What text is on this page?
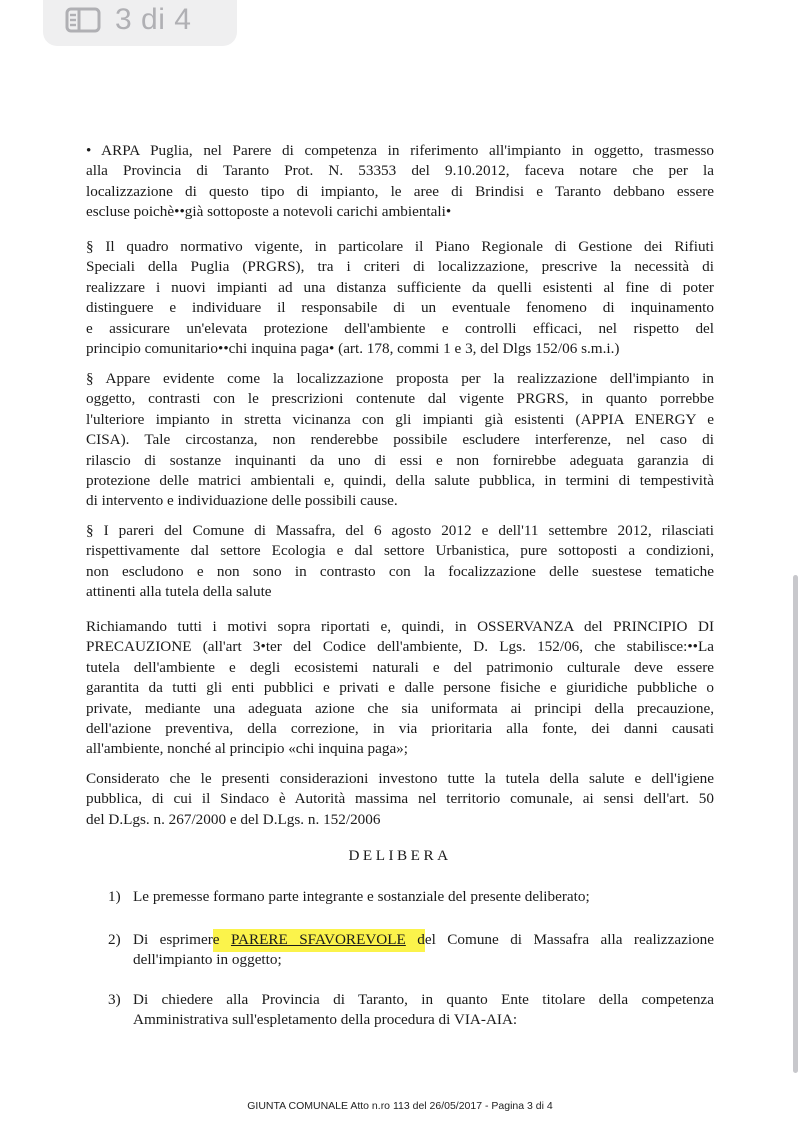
3 di 4
• ARPA Puglia, nel Parere di competenza in riferimento all'impianto in oggetto, trasmesso
alla Provincia di Taranto Prot. N. 53353 del 9.10.2012, faceva notare che per la
localizzazione di questo tipo di impianto, le aree di Brindisi e Taranto debbano essere
escluse poichè••già sottoposte a notevoli carichi ambientali•
§ Il quadro normativo vigente, in particolare il Piano Regionale di Gestione dei Rifiuti
Speciali della Puglia (PRGRS), tra i criteri di localizzazione, prescrive la necessità di
realizzare i nuovi impianti ad una distanza sufficiente da quelli esistenti al fine di poter
distinguere e individuare il responsabile di un eventuale fenomeno di inquinamento
e assicurare un'elevata protezione dell'ambiente e controlli efficaci, nel rispetto del
principio comunitario••chi inquina paga• (art. 178, commi 1 e 3, del Dlgs 152/06 s.m.i.)
§ Appare evidente come la localizzazione proposta per la realizzazione dell'impianto in
oggetto, contrasti con le prescrizioni contenute dal vigente PRGRS, in quanto porrebbe
l'ulteriore impianto in stretta vicinanza con gli impianti già esistenti (APPIA ENERGY e
CISA). Tale circostanza, non renderebbe possibile escludere interferenze, nel caso di
rilascio di sostanze inquinanti da uno di essi e non fornirebbe adeguata garanzia di
protezione delle matrici ambientali e, quindi, della salute pubblica, in termini di tempestività
di intervento e individuazione delle possibili cause.
§ I pareri del Comune di Massafra, del 6 agosto 2012 e dell'11 settembre 2012, rilasciati
rispettivamente dal settore Ecologia e dal settore Urbanistica, pure sottoposti a condizioni,
non escludono e non sono in contrasto con la focalizzazione delle suestese tematiche
attinenti alla tutela della salute
Richiamando tutti i motivi sopra riportati e, quindi, in OSSERVANZA del PRINCIPIO DI
PRECAUZIONE (all'art 3•ter del Codice dell'ambiente, D. Lgs. 152/06, che stabilisce:••La
tutela dell'ambiente e degli ecosistemi naturali e del patrimonio culturale deve essere
garantita da tutti gli enti pubblici e privati e dalle persone fisiche e giuridiche pubbliche o
private, mediante una adeguata azione che sia uniformata ai principi della precauzione,
dell'azione preventiva, della correzione, in via prioritaria alla fonte, dei danni causati
all'ambiente, nonché al principio «chi inquina paga»;
Considerato che le presenti considerazioni investono tutte la tutela della salute e dell'igiene
pubblica, di cui il Sindaco è Autorità massima nel territorio comunale, ai sensi dell'art. 50
del D.Lgs. n. 267/2000 e del D.Lgs. n. 152/2006
DELIBERA
1) Le premesse formano parte integrante e sostanziale del presente deliberato;
2) Di esprimere PARERE SFAVOREVOLE del Comune di Massafra alla realizzazione
dell'impianto in oggetto;
3) Di chiedere alla Provincia di Taranto, in quanto Ente titolare della competenza
Amministrativa sull'espletamento della procedura di VIA-AIA:
GIUNTA COMUNALE Atto n.ro 113 del 26/05/2017 - Pagina 3 di 4
